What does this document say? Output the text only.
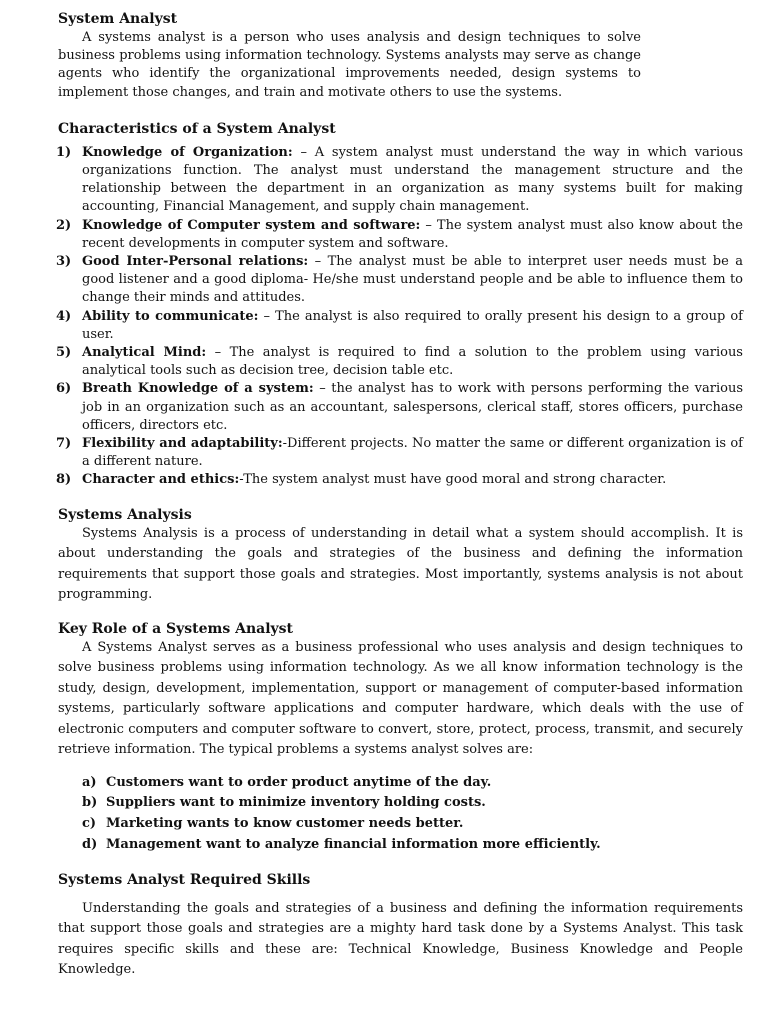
System Analyst

A systems analyst is a person who uses analysis and design techniques to solve business problems using information technology. Systems analysts may serve as change agents who identify the organizational improvements needed, design systems to implement those changes, and train and motivate others to use the systems.

Characteristics of a System Analyst
1) Knowledge of Organization: – A system analyst must understand the way in which various organizations function. The analyst must understand the management structure and the relationship between the department in an organization as many systems built for making accounting, Financial Management, and supply chain management.
2) Knowledge of Computer system and software: – The system analyst must also know about the recent developments in computer system and software.
3) Good Inter-Personal relations: – The analyst must be able to interpret user needs must be a good listener and a good diploma- He/she must understand people and be able to influence them to change their minds and attitudes.
4) Ability to communicate: – The analyst is also required to orally present his design to a group of user.
5) Analytical Mind: – The analyst is required to find a solution to the problem using various analytical tools such as decision tree, decision table etc.
6) Breath Knowledge of a system: – the analyst has to work with persons performing the various job in an organization such as an accountant, salespersons, clerical staff, stores officers, purchase officers, directors etc.
7) Flexibility and adaptability:-Different projects. No matter the same or different organization is of a different nature.
8) Character and ethics:-The system analyst must have good moral and strong character.
Systems Analysis

Systems Analysis is a process of understanding in detail what a system should accomplish. It is about understanding the goals and strategies of the business and defining the information requirements that support those goals and strategies. Most importantly, systems analysis is not about programming.

Key Role of a Systems Analyst

A Systems Analyst serves as a business professional who uses analysis and design techniques to solve business problems using information technology. As we all know information technology is the study, design, development, implementation, support or management of computer-based information systems, particularly software applications and computer hardware, which deals with the use of electronic computers and computer software to convert, store, protect, process, transmit, and securely retrieve information. The typical problems a systems analyst solves are:

a) Customers want to order product anytime of the day.
b) Suppliers want to minimize inventory holding costs.
c) Marketing wants to know customer needs better.
d) Management want to analyze financial information more efficiently.
Systems Analyst Required Skills

Understanding the goals and strategies of a business and defining the information requirements that support those goals and strategies are a mighty hard task done by a Systems Analyst. This task requires specific skills and these are: Technical Knowledge, Business Knowledge and People Knowledge.
